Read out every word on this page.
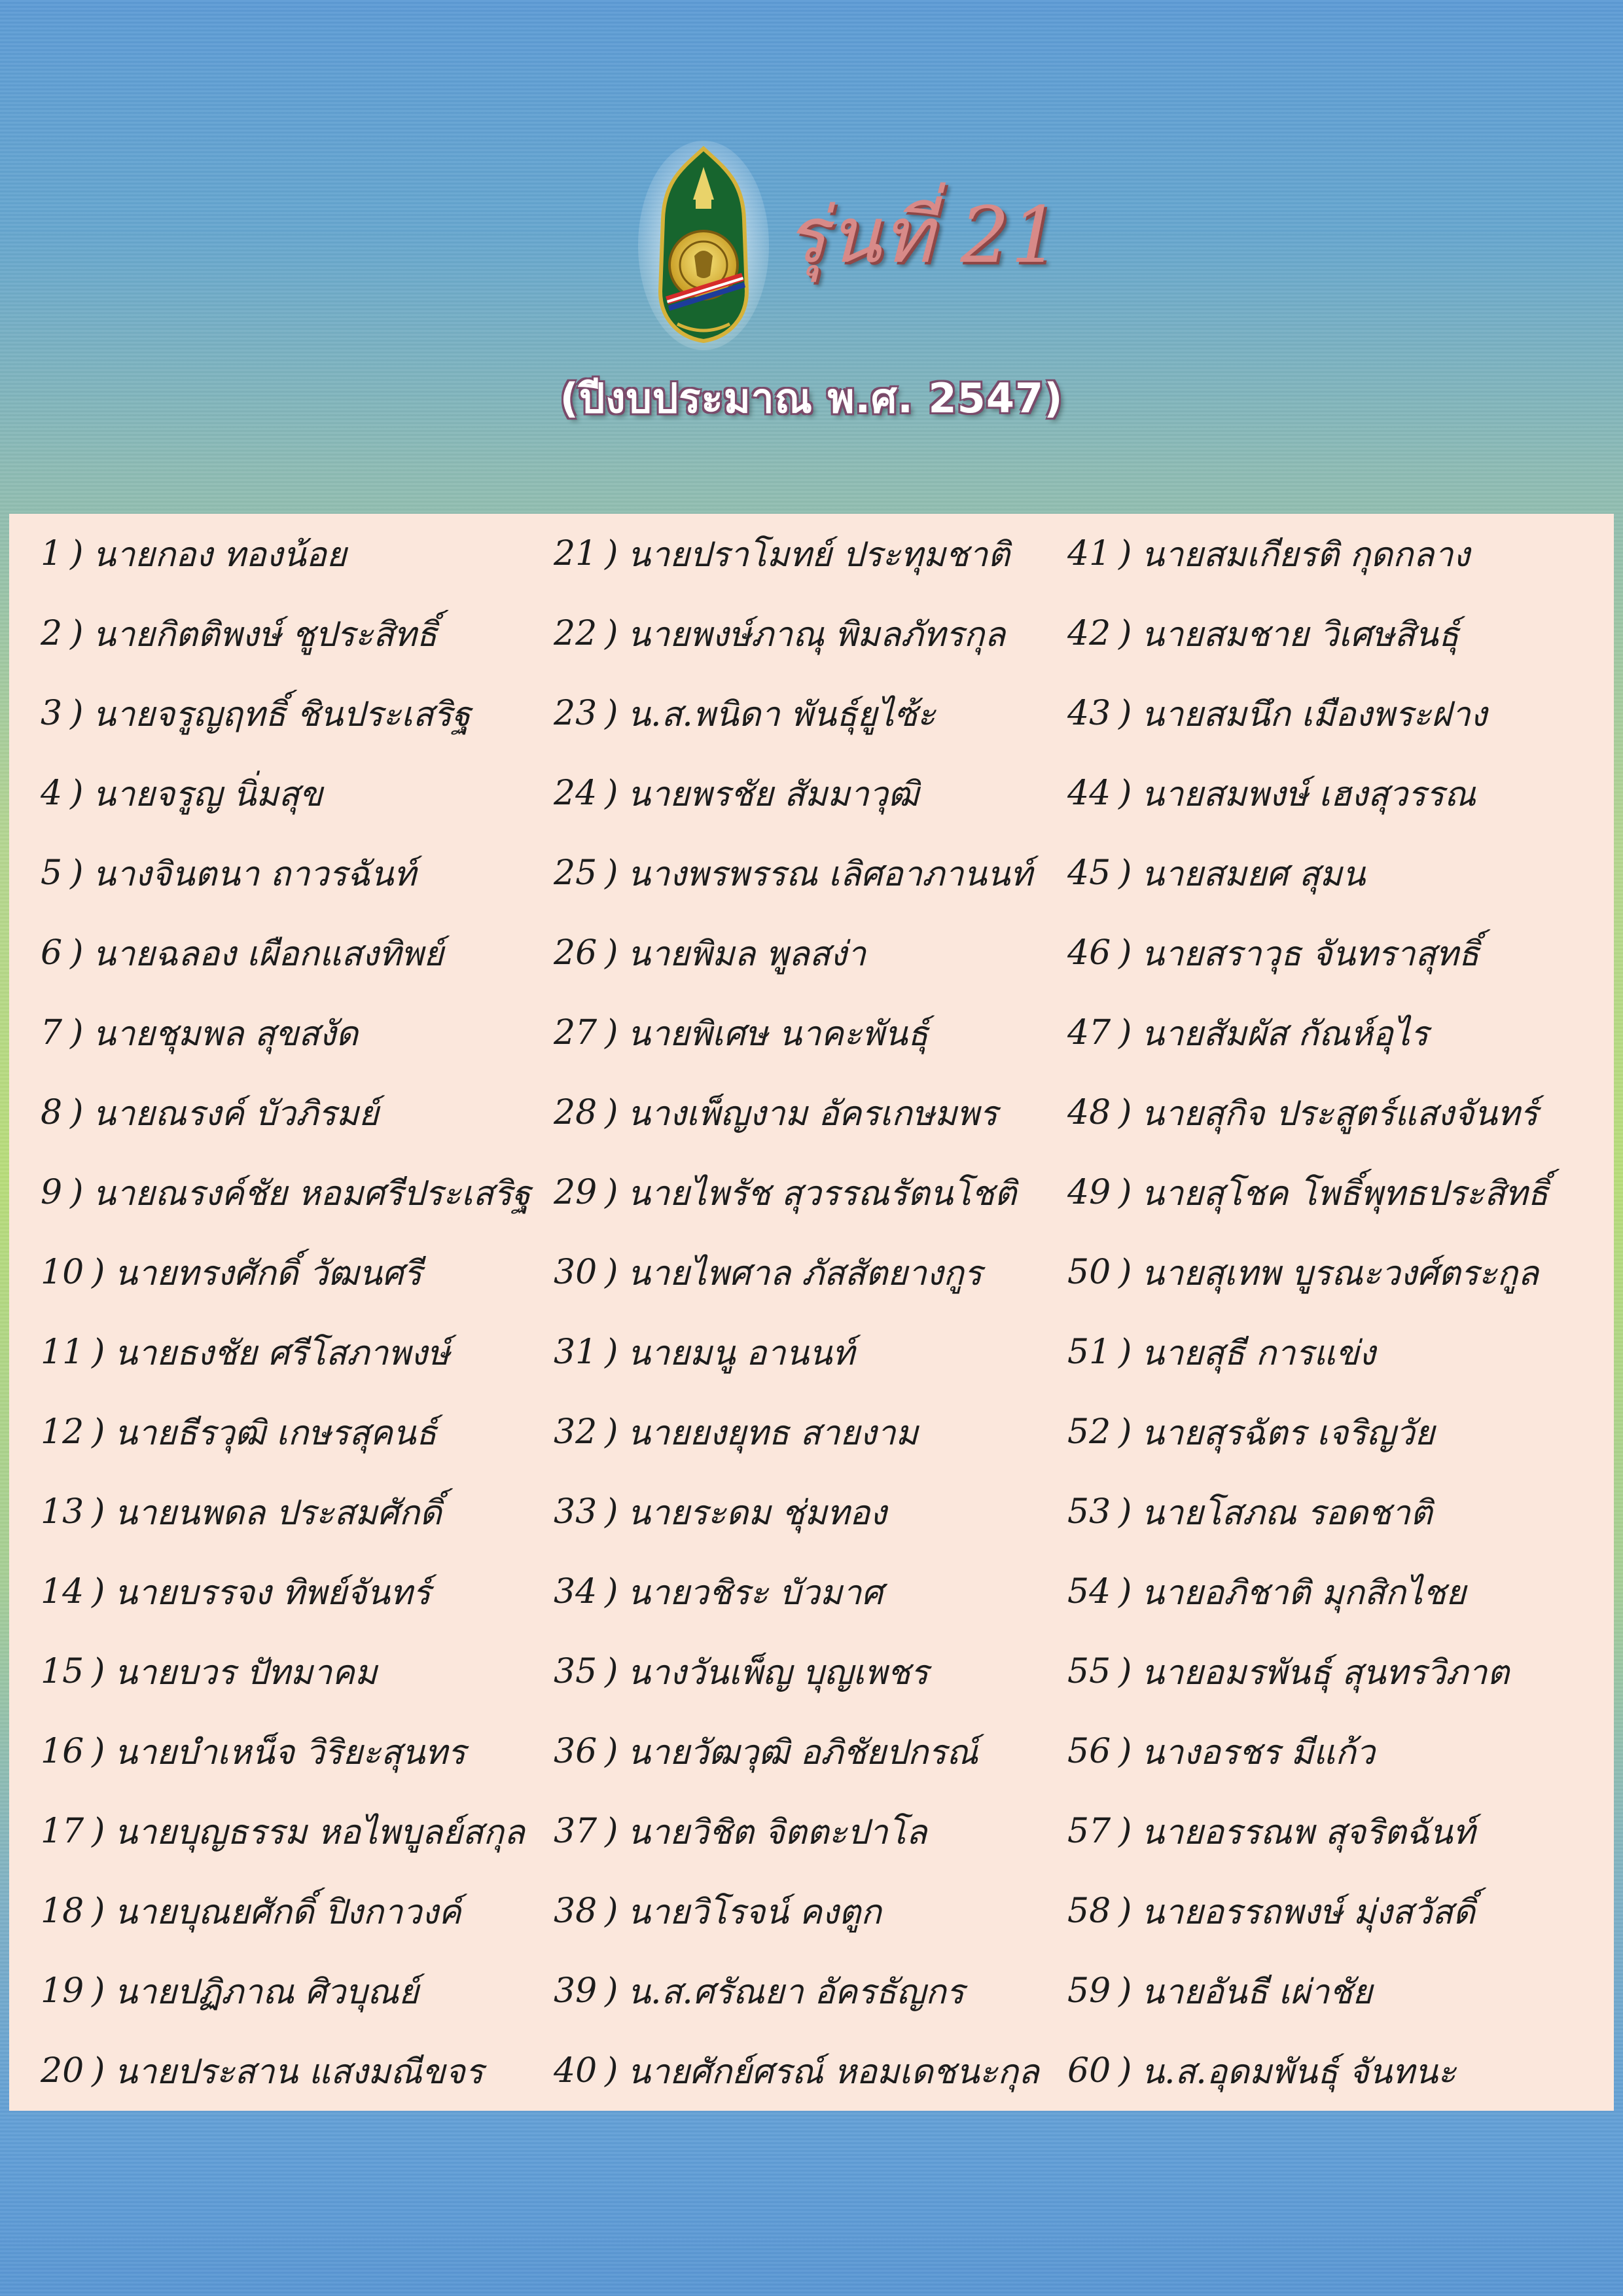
รุ่นที่ 21
(ปีงบประมาณ พ.ศ. 2547)
1 ) นายกอง ทองน้อย
2 ) นายกิตติพงษ์ ชูประสิทธิ์
3 ) นายจรูญฤทธิ์ ชินประเสริฐ
4 ) นายจรูญ นิ่มสุข
5 ) นางจินตนา ถาวรฉันท์
6 ) นายฉลอง เผือกแสงทิพย์
7 ) นายชุมพล สุขสงัด
8 ) นายณรงค์ บัวภิรมย์
9 ) นายณรงค์ชัย หอมศรีประเสริฐ
10 ) นายทรงศักดิ์ วัฒนศรี
11 ) นายธงชัย ศรีโสภาพงษ์
12 ) นายธีรวุฒิ เกษรสุคนธ์
13 ) นายนพดล ประสมศักดิ์
14 ) นายบรรจง ทิพย์จันทร์
15 ) นายบวร ปัทมาคม
16 ) นายบำเหน็จ วิริยะสุนทร
17 ) นายบุญธรรม หอไพบูลย์สกุล
18 ) นายบุณยศักดิ์ ปิงกาวงค์
19 ) นายปฏิภาณ ศิวบุณย์
20 ) นายประสาน แสงมณีขจร
21 ) นายปราโมทย์ ประทุมชาติ
22 ) นายพงษ์ภาณุ พิมลภัทรกุล
23 ) น.ส.พนิดา พันธุ์ยูไซ้ะ
24 ) นายพรชัย สัมมาวุฒิ
25 ) นางพรพรรณ เลิศอาภานนท์
26 ) นายพิมล พูลสง่า
27 ) นายพิเศษ นาคะพันธุ์
28 ) นางเพ็ญงาม อัครเกษมพร
29 ) นายไพรัช สุวรรณรัตนโชติ
30 ) นายไพศาล ภัสสัตยางกูร
31 ) นายมนู อานนท์
32 ) นายยงยุทธ สายงาม
33 ) นายระดม ชุ่มทอง
34 ) นายวชิระ บัวมาศ
35 ) นางวันเพ็ญ บุญเพชร
36 ) นายวัฒวุฒิ อภิชัยปกรณ์
37 ) นายวิชิต จิตตะปาโล
38 ) นายวิโรจน์ คงตูก
39 ) น.ส.ศรัณยา อัครธัญกร
40 ) นายศักย์ศรณ์ หอมเดชนะกุล
41 ) นายสมเกียรติ กุดกลาง
42 ) นายสมชาย วิเศษสินธุ์
43 ) นายสมนึก เมืองพระฝาง
44 ) นายสมพงษ์ เฮงสุวรรณ
45 ) นายสมยศ สุมน
46 ) นายสราวุธ จันทราสุทธิ์
47 ) นายสัมผัส กัณห์อุไร
48 ) นายสุกิจ ประสูตร์แสงจันทร์
49 ) นายสุโชค โพธิ์พุทธประสิทธิ์
50 ) นายสุเทพ บูรณะวงศ์ตระกูล
51 ) นายสุธี การแข่ง
52 ) นายสุรฉัตร เจริญวัย
53 ) นายโสภณ รอดชาติ
54 ) นายอภิชาติ มุกสิกไชย
55 ) นายอมรพันธุ์ สุนทรวิภาต
56 ) นางอรชร มีแก้ว
57 ) นายอรรณพ สุจริตฉันท์
58 ) นายอรรถพงษ์ มุ่งสวัสดิ์
59 ) นายอันธี เผ่าชัย
60 ) น.ส.อุดมพันธุ์ จันทนะ
